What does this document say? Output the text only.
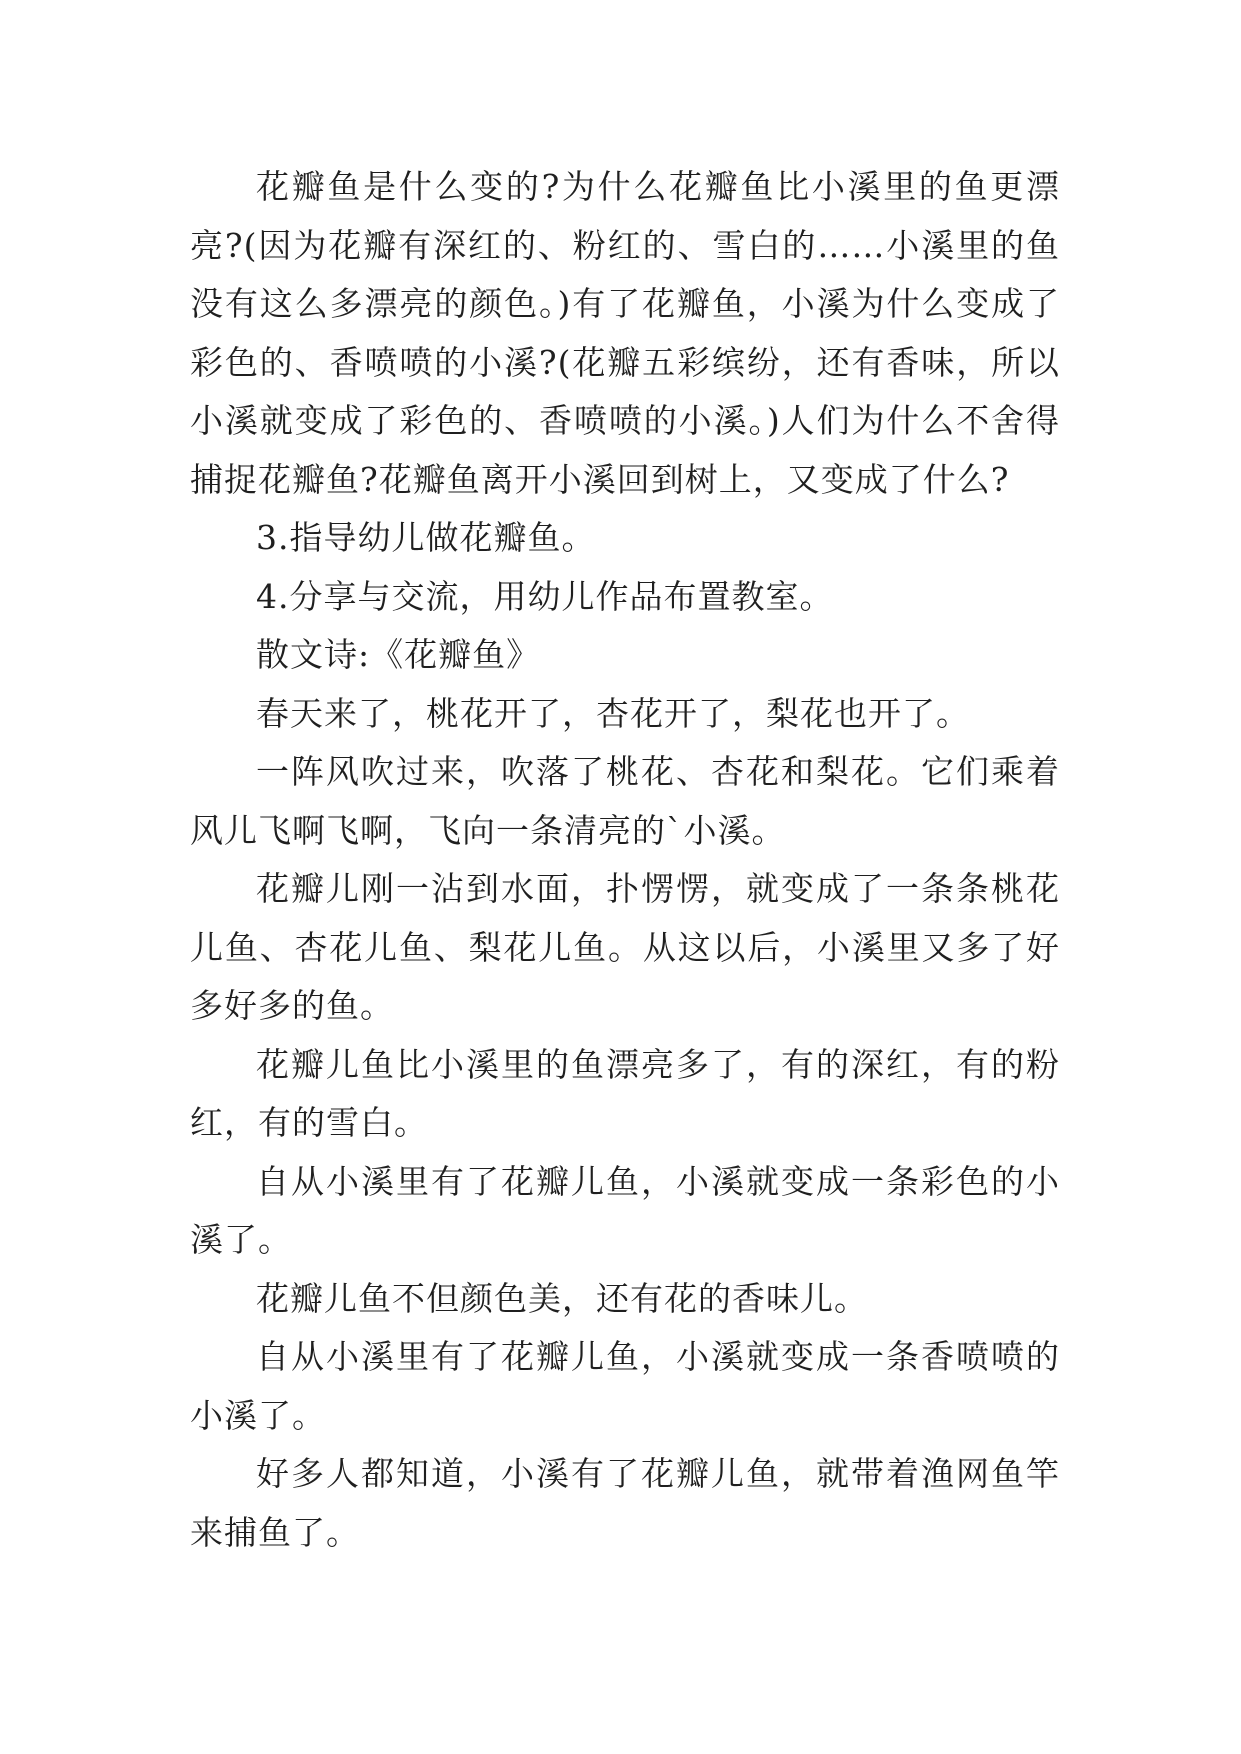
花瓣鱼是什么变的?为什么花瓣鱼比小溪里的鱼更漂亮?(因为花瓣有深红的、粉红的、雪白的……小溪里的鱼没有这么多漂亮的颜色。)有了花瓣鱼，小溪为什么变成了彩色的、香喷喷的小溪?(花瓣五彩缤纷，还有香味，所以小溪就变成了彩色的、香喷喷的小溪。)人们为什么不舍得捕捉花瓣鱼?花瓣鱼离开小溪回到树上，又变成了什么?

3.指导幼儿做花瓣鱼。

4.分享与交流，用幼儿作品布置教室。

散文诗:《花瓣鱼》

春天来了，桃花开了，杏花开了，梨花也开了。

一阵风吹过来，吹落了桃花、杏花和梨花。它们乘着风儿飞啊飞啊，飞向一条清亮的`小溪。

花瓣儿刚一沾到水面，扑愣愣，就变成了一条条桃花儿鱼、杏花儿鱼、梨花儿鱼。从这以后，小溪里又多了好多好多的鱼。

花瓣儿鱼比小溪里的鱼漂亮多了，有的深红，有的粉红，有的雪白。

自从小溪里有了花瓣儿鱼，小溪就变成一条彩色的小溪了。

花瓣儿鱼不但颜色美，还有花的香味儿。

自从小溪里有了花瓣儿鱼，小溪就变成一条香喷喷的小溪了。

好多人都知道，小溪有了花瓣儿鱼，就带着渔网鱼竿来捕鱼了。
